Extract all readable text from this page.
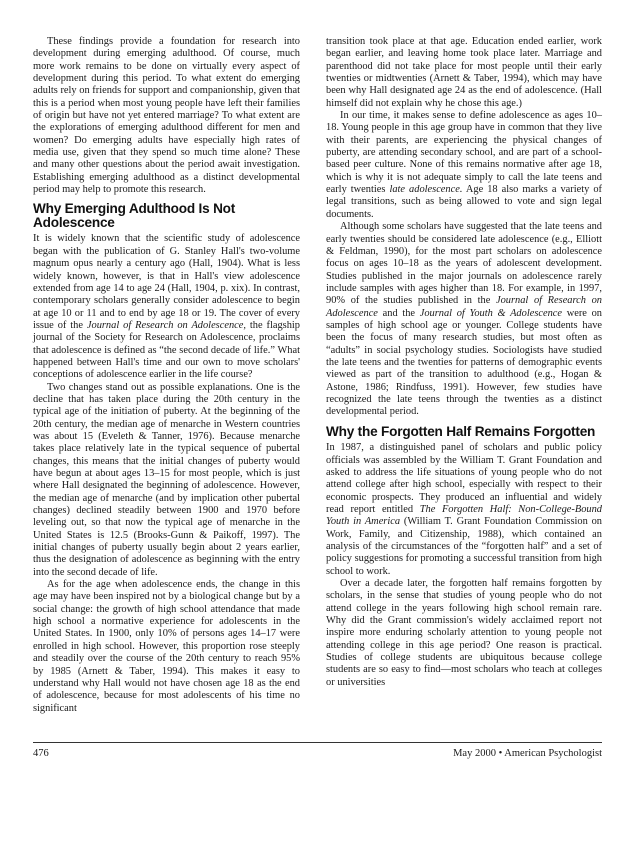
These findings provide a foundation for research into development during emerging adulthood. Of course, much more work remains to be done on virtually every aspect of development during this period. To what extent do emerging adults rely on friends for support and companionship, given that this is a period when most young people have left their families of origin but have not yet entered marriage? To what extent are the explorations of emerging adulthood different for men and women? Do emerging adults have especially high rates of media use, given that they spend so much time alone? These and many other questions about the period await investigation. Establishing emerging adulthood as a distinct developmental period may help to promote this research.

Why Emerging Adulthood Is Not Adolescence

It is widely known that the scientific study of adolescence began with the publication of G. Stanley Hall's two-volume magnum opus nearly a century ago (Hall, 1904). What is less widely known, however, is that in Hall's view adolescence extended from age 14 to age 24 (Hall, 1904, p. xix). In contrast, contemporary scholars generally consider adolescence to begin at age 10 or 11 and to end by age 18 or 19. The cover of every issue of the Journal of Research on Adolescence, the flagship journal of the Society for Research on Adolescence, proclaims that adolescence is defined as “the second decade of life.” What happened between Hall's time and our own to move scholars' conceptions of adolescence earlier in the life course?

Two changes stand out as possible explanations. One is the decline that has taken place during the 20th century in the typical age of the initiation of puberty. At the beginning of the 20th century, the median age of menarche in Western countries was about 15 (Eveleth & Tanner, 1976). Because menarche takes place relatively late in the typical sequence of pubertal changes, this means that the initial changes of puberty would have begun at about ages 13–15 for most people, which is just where Hall designated the beginning of adolescence. However, the median age of menarche (and by implication other pubertal changes) declined steadily between 1900 and 1970 before leveling out, so that now the typical age of menarche in the United States is 12.5 (Brooks-Gunn & Paikoff, 1997). The initial changes of puberty usually begin about 2 years earlier, thus the designation of adolescence as beginning with the entry into the second decade of life.

As for the age when adolescence ends, the change in this age may have been inspired not by a biological change but by a social change: the growth of high school attendance that made high school a normative experience for adolescents in the United States. In 1900, only 10% of persons ages 14–17 were enrolled in high school. However, this proportion rose steeply and steadily over the course of the 20th century to reach 95% by 1985 (Arnett & Taber, 1994). This makes it easy to understand why Hall would not have chosen age 18 as the end of adolescence, because for most adolescents of his time no significant

transition took place at that age. Education ended earlier, work began earlier, and leaving home took place later. Marriage and parenthood did not take place for most people until their early twenties or midtwenties (Arnett & Taber, 1994), which may have been why Hall designated age 24 as the end of adolescence. (Hall himself did not explain why he chose this age.)

In our time, it makes sense to define adolescence as ages 10–18. Young people in this age group have in common that they live with their parents, are experiencing the physical changes of puberty, are attending secondary school, and are part of a school-based peer culture. None of this remains normative after age 18, which is why it is not adequate simply to call the late teens and early twenties late adolescence. Age 18 also marks a variety of legal transitions, such as being allowed to vote and sign legal documents.

Although some scholars have suggested that the late teens and early twenties should be considered late adolescence (e.g., Elliott & Feldman, 1990), for the most part scholars on adolescence focus on ages 10–18 as the years of adolescent development. Studies published in the major journals on adolescence rarely include samples with ages higher than 18. For example, in 1997, 90% of the studies published in the Journal of Research on Adolescence and the Journal of Youth & Adolescence were on samples of high school age or younger. College students have been the focus of many research studies, but most often as “adults” in social psychology studies. Sociologists have studied the late teens and the twenties for patterns of demographic events viewed as part of the transition to adulthood (e.g., Hogan & Astone, 1986; Rindfuss, 1991). However, few studies have recognized the late teens through the twenties as a distinct developmental period.

Why the Forgotten Half Remains Forgotten

In 1987, a distinguished panel of scholars and public policy officials was assembled by the William T. Grant Foundation and asked to address the life situations of young people who do not attend college after high school, especially with respect to their economic prospects. They produced an influential and widely read report entitled The Forgotten Half: Non-College-Bound Youth in America (William T. Grant Foundation Commission on Work, Family, and Citizenship, 1988), which contained an analysis of the circumstances of the “forgotten half” and a set of policy suggestions for promoting a successful transition from high school to work.

Over a decade later, the forgotten half remains forgotten by scholars, in the sense that studies of young people who do not attend college in the years following high school remain rare. Why did the Grant commission's widely acclaimed report not inspire more enduring scholarly attention to young people not attending college in this age period? One reason is practical. Studies of college students are ubiquitous because college students are so easy to find—most scholars who teach at colleges or universities

476	May 2000 • American Psychologist
